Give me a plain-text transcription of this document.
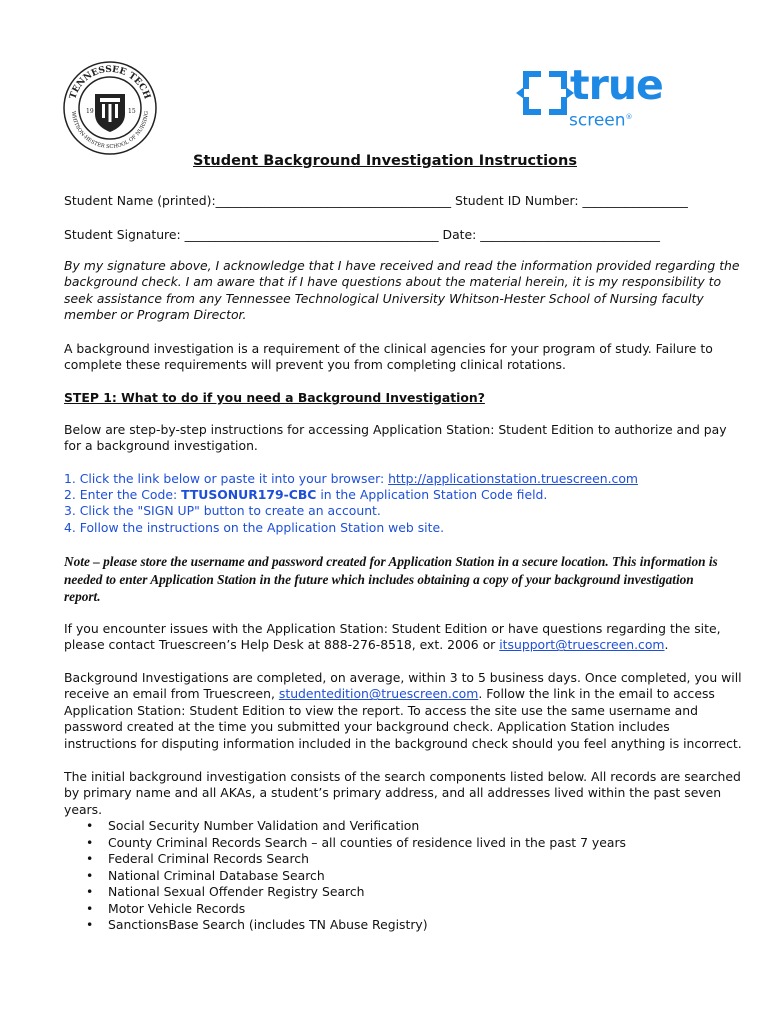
TENNESSEE TECH
WHITSON-HESTER SCHOOL OF NURSING
19	15
true
screen®
Student Background Investigation Instructions
Student Name (printed):______________________________________ Student ID Number: _________________
Student Signature: _________________________________________ Date: _____________________________
By my signature above, I acknowledge that I have received and read the information provided regarding the background check. I am aware that if I have questions about the material herein, it is my responsibility to seek assistance from any Tennessee Technological University Whitson-Hester School of Nursing faculty member or Program Director.
A background investigation is a requirement of the clinical agencies for your program of study. Failure to complete these requirements will prevent you from completing clinical rotations.
STEP 1: What to do if you need a Background Investigation?
Below are step-by-step instructions for accessing Application Station: Student Edition to authorize and pay for a background investigation.
1. Click the link below or paste it into your browser: http://applicationstation.truescreen.com
2. Enter the Code: TTUSONUR179-CBC in the Application Station Code field.
3. Click the "SIGN UP" button to create an account.
4. Follow the instructions on the Application Station web site.
Note – please store the username and password created for Application Station in a secure location. This information is needed to enter Application Station in the future which includes obtaining a copy of your background investigation report.
If you encounter issues with the Application Station: Student Edition or have questions regarding the site, please contact Truescreen’s Help Desk at 888-276-8518, ext. 2006 or itsupport@truescreen.com.
Background Investigations are completed, on average, within 3 to 5 business days. Once completed, you will receive an email from Truescreen, studentedition@truescreen.com. Follow the link in the email to access Application Station: Student Edition to view the report. To access the site use the same username and password created at the time you submitted your background check. Application Station includes instructions for disputing information included in the background check should you feel anything is incorrect.
The initial background investigation consists of the search components listed below. All records are searched by primary name and all AKAs, a student’s primary address, and all addresses lived within the past seven years.
• Social Security Number Validation and Verification
• County Criminal Records Search – all counties of residence lived in the past 7 years
• Federal Criminal Records Search
• National Criminal Database Search
• National Sexual Offender Registry Search
• Motor Vehicle Records
• SanctionsBase Search (includes TN Abuse Registry)
